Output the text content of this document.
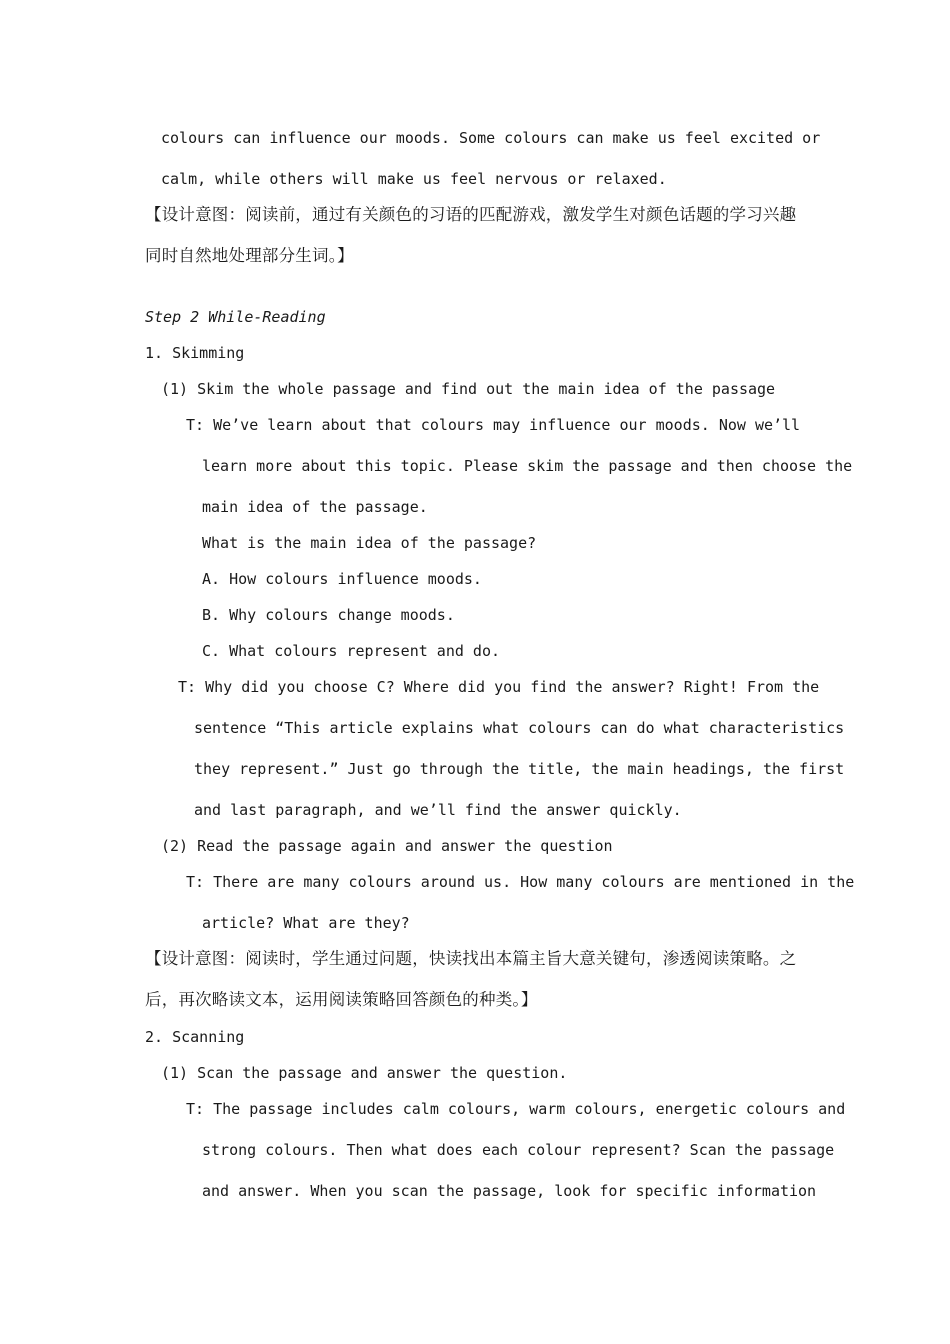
colours can influence our moods. Some colours can make us feel excited or
calm, while others will make us feel nervous or relaxed.
【设计意图：阅读前，通过有关颜色的习语的匹配游戏，激发学生对颜色话题的学习兴趣
同时自然地处理部分生词。】
Step 2 While-Reading
1. Skimming
(1) Skim the whole passage and find out the main idea of the passage
T: We’ve learn about that colours may influence our moods. Now we’ll
learn more about this topic. Please skim the passage and then choose the
main idea of the passage.
What is the main idea of the passage?
A. How colours influence moods.
B. Why colours change moods.
C. What colours represent and do.
T: Why did you choose C? Where did you find the answer? Right! From the
sentence “This article explains what colours can do what characteristics
they represent.” Just go through the title, the main headings, the first
and last paragraph, and we’ll find the answer quickly.
(2) Read the passage again and answer the question
T: There are many colours around us. How many colours are mentioned in the
article? What are they?
【设计意图：阅读时，学生通过问题，快读找出本篇主旨大意关键句，渗透阅读策略。之
后，再次略读文本，运用阅读策略回答颜色的种类。】
2. Scanning
(1) Scan the passage and answer the question.
T: The passage includes calm colours, warm colours, energetic colours and
strong colours. Then what does each colour represent? Scan the passage
and answer. When you scan the passage, look for specific information
